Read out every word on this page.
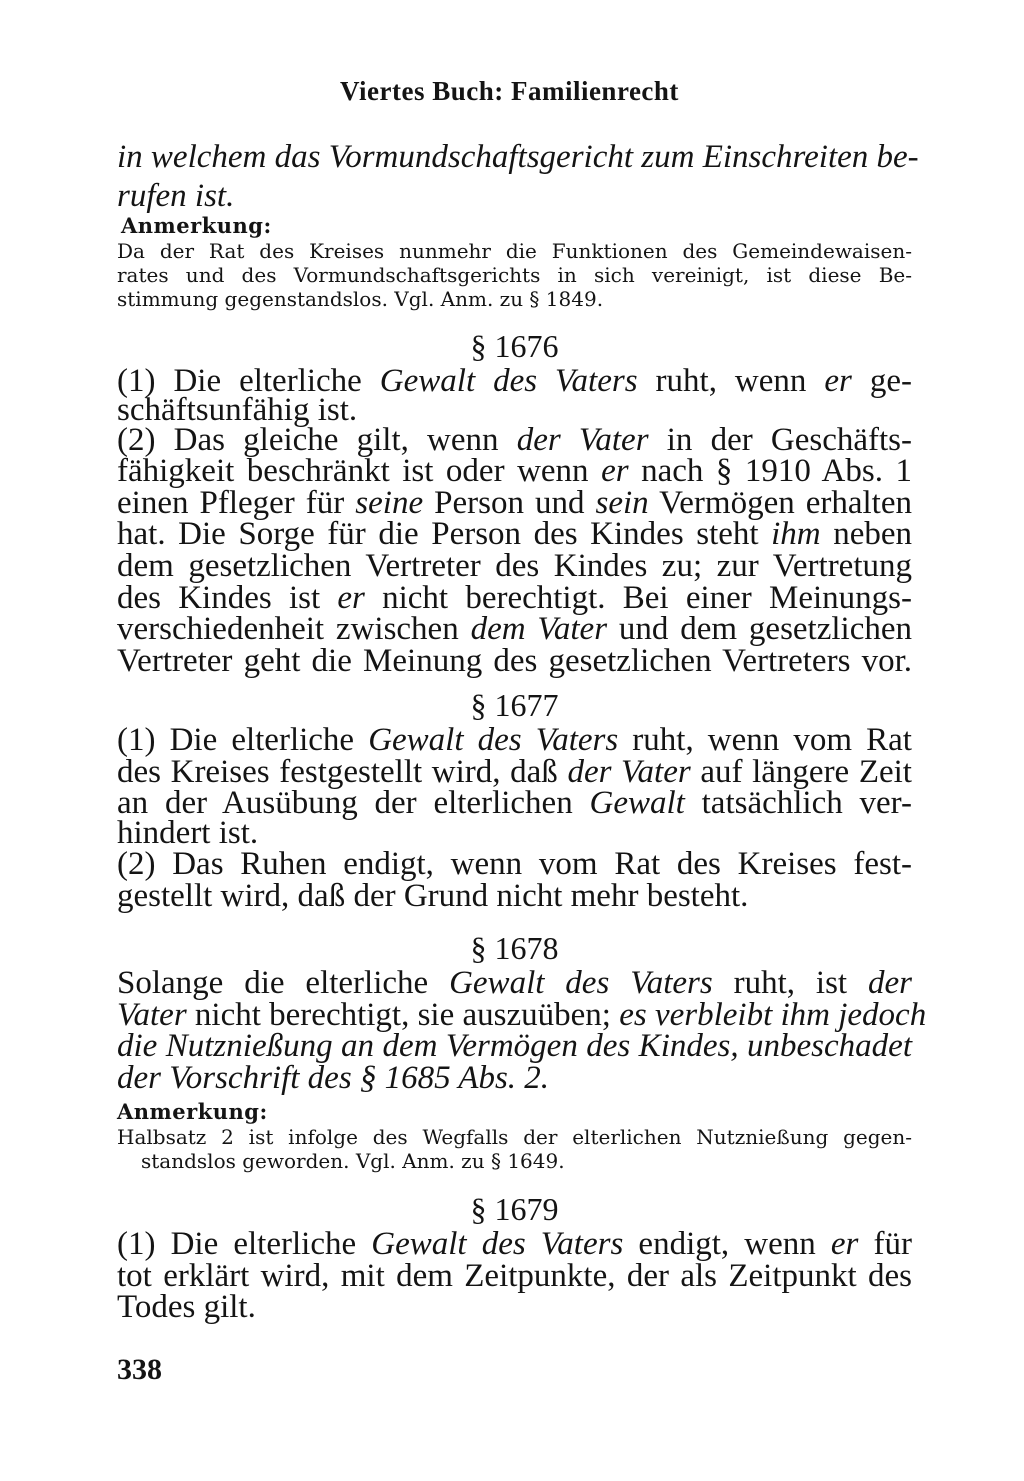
Viertes Buch: Familienrecht
in welchem das Vormundschaftsgericht zum Einschreiten be-
rufen ist.
Anmerkung:
Da der Rat des Kreises nunmehr die Funktionen des Gemeindewaisen-
rates und des Vormundschaftsgerichts in sich vereinigt, ist diese Be-
stimmung gegenstandslos. Vgl. Anm. zu § 1849.
§ 1676
(1) Die elterliche Gewalt des Vaters ruht, wenn er ge-
schäftsunfähig ist.
(2) Das gleiche gilt, wenn der Vater in der Geschäfts-
fähigkeit beschränkt ist oder wenn er nach § 1910 Abs. 1
einen Pfleger für seine Person und sein Vermögen erhalten
hat. Die Sorge für die Person des Kindes steht ihm neben
dem gesetzlichen Vertreter des Kindes zu; zur Vertretung
des Kindes ist er nicht berechtigt. Bei einer Meinungs-
verschiedenheit zwischen dem Vater und dem gesetzlichen
Vertreter geht die Meinung des gesetzlichen Vertreters vor.
§ 1677
(1) Die elterliche Gewalt des Vaters ruht, wenn vom Rat
des Kreises festgestellt wird, daß der Vater auf längere Zeit
an der Ausübung der elterlichen Gewalt tatsächlich ver-
hindert ist.
(2) Das Ruhen endigt, wenn vom Rat des Kreises fest-
gestellt wird, daß der Grund nicht mehr besteht.
§ 1678
Solange die elterliche Gewalt des Vaters ruht, ist der
Vater nicht berechtigt, sie auszuüben; es verbleibt ihm jedoch
die Nutznießung an dem Vermögen des Kindes, unbeschadet
der Vorschrift des § 1685 Abs. 2.
Anmerkung:
Halbsatz 2 ist infolge des Wegfalls der elterlichen Nutznießung gegen-
standslos geworden. Vgl. Anm. zu § 1649.
§ 1679
(1) Die elterliche Gewalt des Vaters endigt, wenn er für
tot erklärt wird, mit dem Zeitpunkte, der als Zeitpunkt des
Todes gilt.
338
